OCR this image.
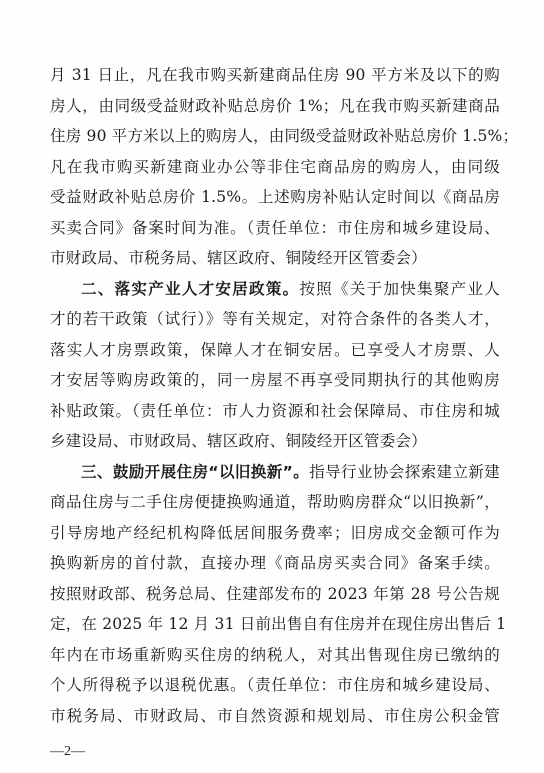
月 31 日止，凡在我市购买新建商品住房 90 平方米及以下的购

房人，由同级受益财政补贴总房价 1%；凡在我市购买新建商品

住房 90 平方米以上的购房人，由同级受益财政补贴总房价 1.5%；

凡在我市购买新建商业办公等非住宅商品房的购房人，由同级

受益财政补贴总房价 1.5%。上述购房补贴认定时间以《商品房

买卖合同》备案时间为准。（责任单位：市住房和城乡建设局、

市财政局、市税务局、辖区政府、铜陵经开区管委会）

二、落实产业人才安居政策。按照《关于加快集聚产业人

才的若干政策（试行）》等有关规定，对符合条件的各类人才，

落实人才房票政策，保障人才在铜安居。已享受人才房票、人

才安居等购房政策的，同一房屋不再享受同期执行的其他购房

补贴政策。（责任单位：市人力资源和社会保障局、市住房和城

乡建设局、市财政局、辖区政府、铜陵经开区管委会）

三、鼓励开展住房“以旧换新”。指导行业协会探索建立新建

商品住房与二手住房便捷换购通道，帮助购房群众“以旧换新”，

引导房地产经纪机构降低居间服务费率；旧房成交金额可作为

换购新房的首付款，直接办理《商品房买卖合同》备案手续。

按照财政部、税务总局、住建部发布的 2023 年第 28 号公告规

定，在 2025 年 12 月 31 日前出售自有住房并在现住房出售后 1

年内在市场重新购买住房的纳税人，对其出售现住房已缴纳的

个人所得税予以退税优惠。（责任单位：市住房和城乡建设局、

市税务局、市财政局、市自然资源和规划局、市住房公积金管

—2—
